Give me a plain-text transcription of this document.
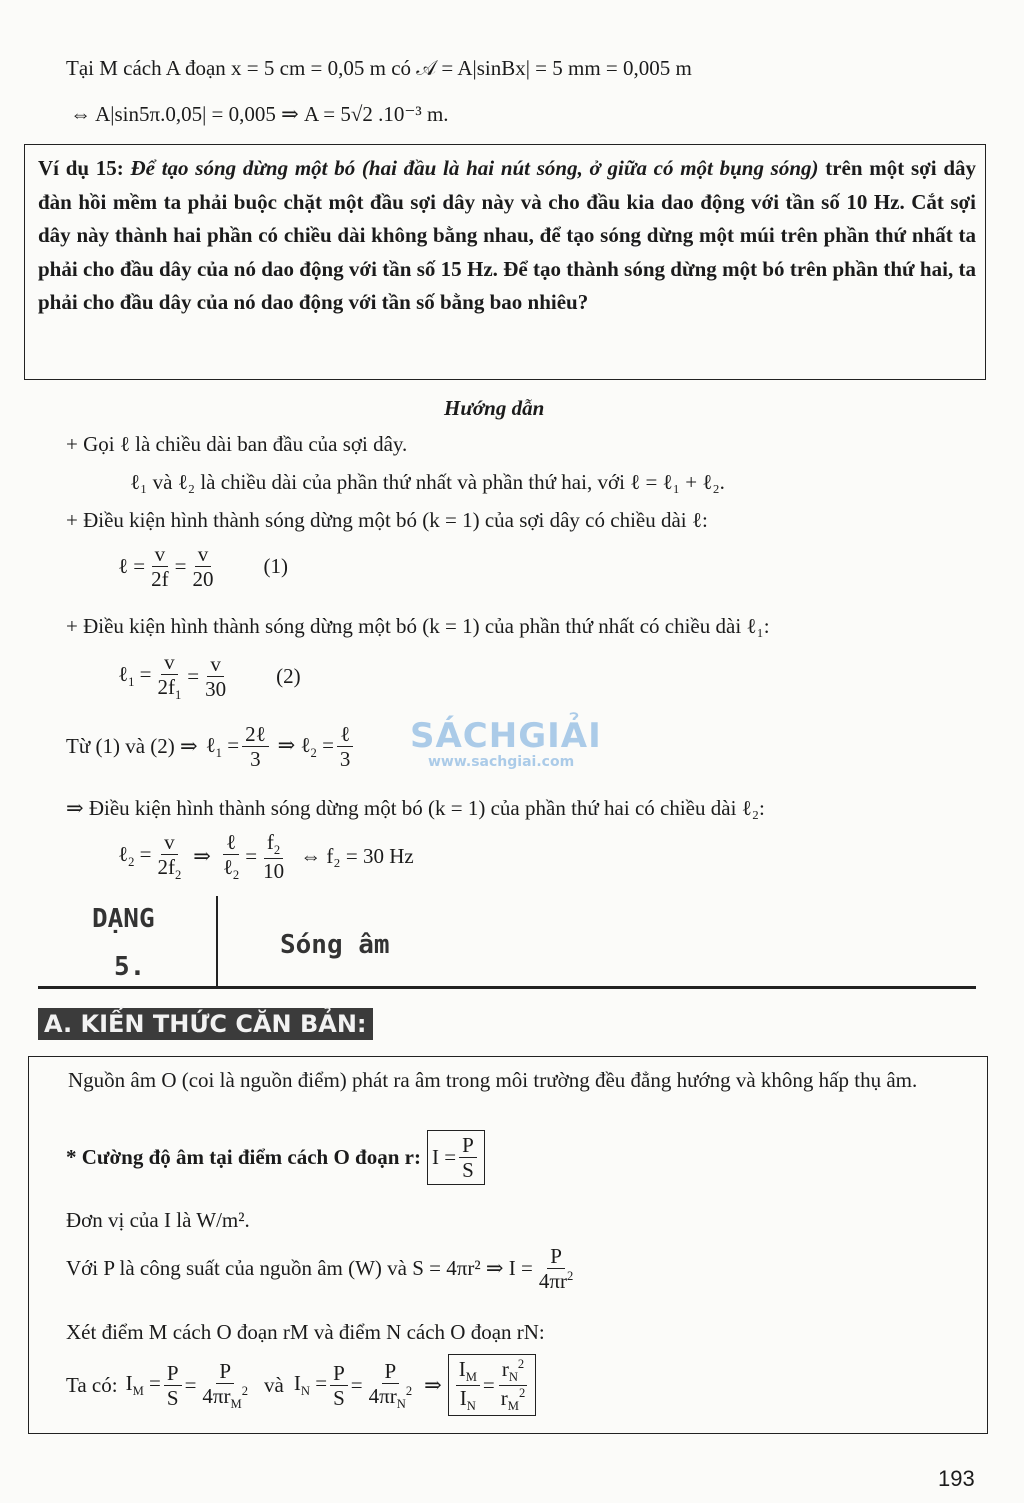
Tại M cách A đoạn x = 5 cm = 0,05 m có 𝒜 = A|sinBx| = 5 mm = 0,005 m
⇔ A|sin5π.0,05| = 0,005 ⇒ A = 5√2 .10⁻³ m.
Ví dụ 15: Để tạo sóng dừng một bó (hai đầu là hai nút sóng, ở giữa có một bụng sóng) trên một sợi dây đàn hồi mềm ta phải buộc chặt một đầu sợi dây này và cho đầu kia dao động với tần số 10 Hz. Cắt sợi dây này thành hai phần có chiều dài không bằng nhau, để tạo sóng dừng một múi trên phần thứ nhất ta phải cho đầu dây của nó dao động với tần số 15 Hz. Để tạo thành sóng dừng một bó trên phần thứ hai, ta phải cho đầu dây của nó dao động với tần số bằng bao nhiêu?
Hướng dẫn
+ Gọi ℓ là chiều dài ban đầu của sợi dây.
ℓ₁ và ℓ₂ là chiều dài của phần thứ nhất và phần thứ hai, với ℓ = ℓ₁ + ℓ₂.
+ Điều kiện hình thành sóng dừng một bó (k = 1) của sợi dây có chiều dài ℓ:
ℓ = $\frac{v}{2f} = \frac{v}{20} (1)$
+ Điều kiện hình thành sóng dừng một bó (k = 1) của phần thứ nhất có chiều dài ℓ₁:
ℓ$_1$ = $\frac{v}{2f_1} = \frac{v}{30} (2)$
Từ (1) và (2) ⇒ ℓ$_1$ = $\frac{\text{2ℓ}}{3}$ ⇒ ℓ$_2$ = $\frac{\text{ℓ}}{3}$ SÁCHGIẢI
www.sachgiai.com
⇒ Điều kiện hình thành sóng dừng một bó (k = 1) của phần thứ hai có chiều dài ℓ₂:
ℓ$_2$ = $\frac{v}{2f_2}$ ⇒ $\frac{\text{ℓ}}{\ell_2} = \frac{f_2}{10}$ ⇔ f₂ = 30 Hz
DẠNG
5.
Sóng âm
A. KIẾN THỨC CĂN BẢN:
Nguồn âm O (coi là nguồn điểm) phát ra âm trong môi trường đều đẳng hướng và không hấp thụ âm.
* Cường độ âm tại điểm cách O đoạn r: $I = \frac{P}{S}$
Đơn vị của I là W/m².
Với P là công suất của nguồn âm (W) và S = 4πr² ⇒ $I = \frac{P}{4\pi r^2}$
Xét điểm M cách O đoạn rM và điểm N cách O đoạn rN:
Ta có: $I_M = \frac{P}{S} = \frac{P}{4\pi r_M^2}$ và $I_N = \frac{P}{S} = \frac{P}{4\pi r_N^2}$ ⇒ $\frac{I_M}{I_N} = \frac{r_N^2}{r_M^2}$
193
